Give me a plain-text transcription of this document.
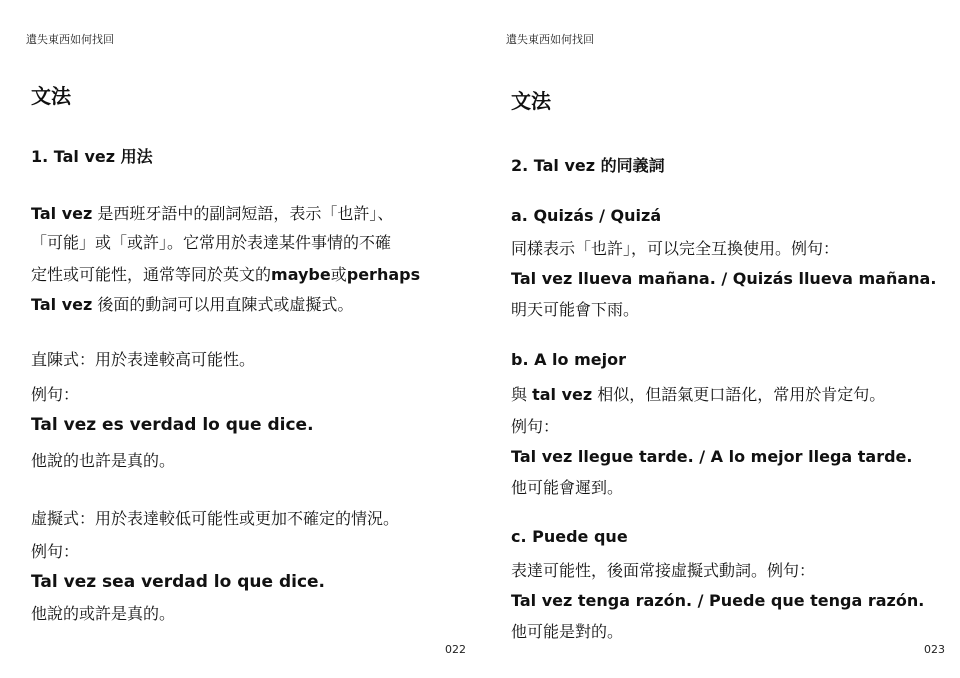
遺失東西如何找回
文法
1. Tal vez 用法
Tal vez 是西班牙語中的副詞短語，表示「也許」、
「可能」或「或許」。它常用於表達某件事情的不確
定性或可能性，通常等同於英文的maybe或perhaps
Tal vez 後面的動詞可以用直陳式或虛擬式。
直陳式：用於表達較高可能性。
例句：
Tal vez es verdad lo que dice.
他說的也許是真的。
虛擬式：用於表達較低可能性或更加不確定的情況。
例句：
Tal vez sea verdad lo que dice.
他說的或許是真的。
022
遺失東西如何找回
文法
2. Tal vez 的同義詞
a. Quizás / Quizá
同樣表示「也許」，可以完全互換使用。例句：
Tal vez llueva mañana. / Quizás llueva mañana.
明天可能會下雨。
b. A lo mejor
與 tal vez 相似，但語氣更口語化，常用於肯定句。
例句：
Tal vez llegue tarde. / A lo mejor llega tarde.
他可能會遲到。
c. Puede que
表達可能性，後面常接虛擬式動詞。例句：
Tal vez tenga razón. / Puede que tenga razón.
他可能是對的。
023
